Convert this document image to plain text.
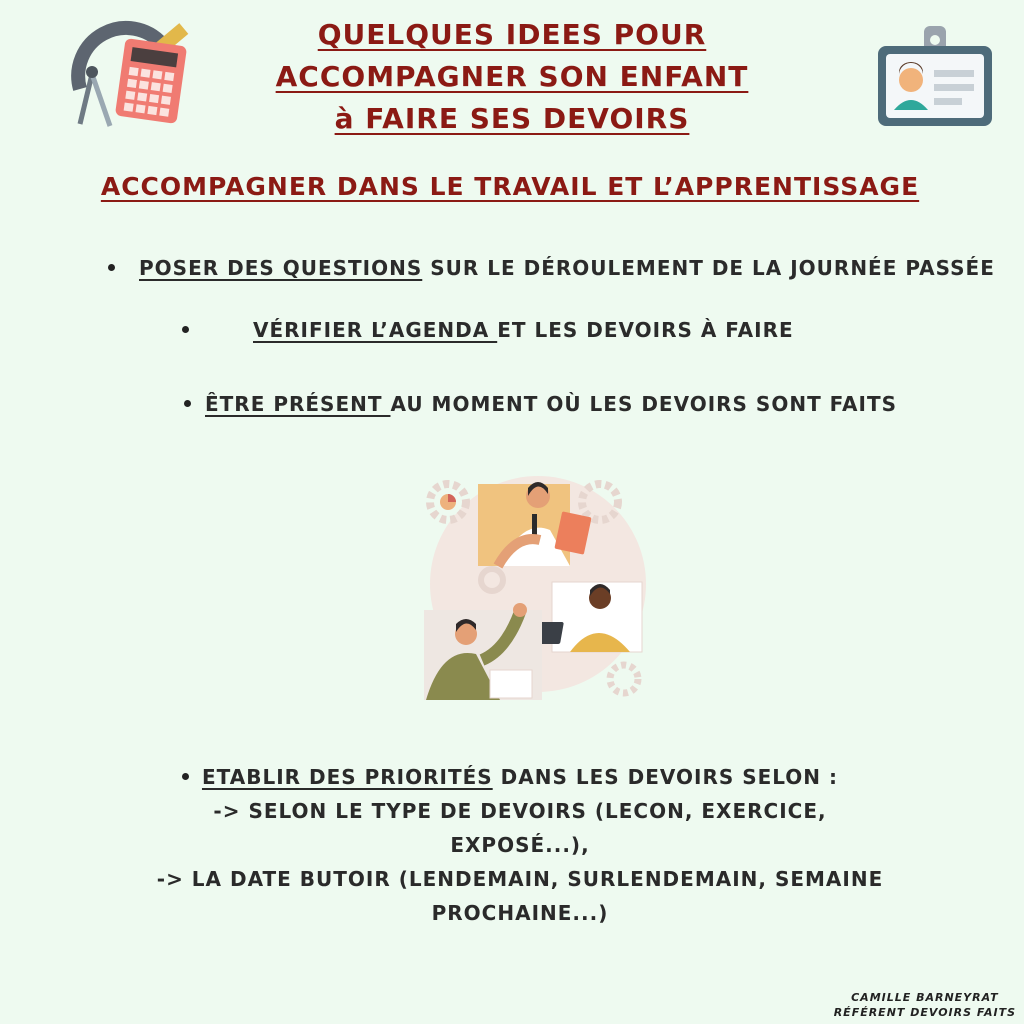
QUELQUES IDEES POUR
ACCOMPAGNER SON ENFANT
à FAIRE SES DEVOIRS
ACCOMPAGNER DANS LE TRAVAIL ET L’APPRENTISSAGE
POSER DES QUESTIONS SUR LE DÉROULEMENT DE LA JOURNÉE PASSÉE
VÉRIFIER L’AGENDA ET LES DEVOIRS À FAIRE
ÊTRE PRÉSENT AU MOMENT OÙ LES DEVOIRS SONT FAITS
ETABLIR DES PRIORITÉS DANS LES DEVOIRS SELON :
-> SELON LE TYPE DE DEVOIRS (LECON, EXERCICE,
EXPOSÉ...),
-> LA DATE BUTOIR (LENDEMAIN, SURLENDEMAIN, SEMAINE
PROCHAINE...)
CAMILLE BARNEYRAT
RÉFÉRENT DEVOIRS FAITS
